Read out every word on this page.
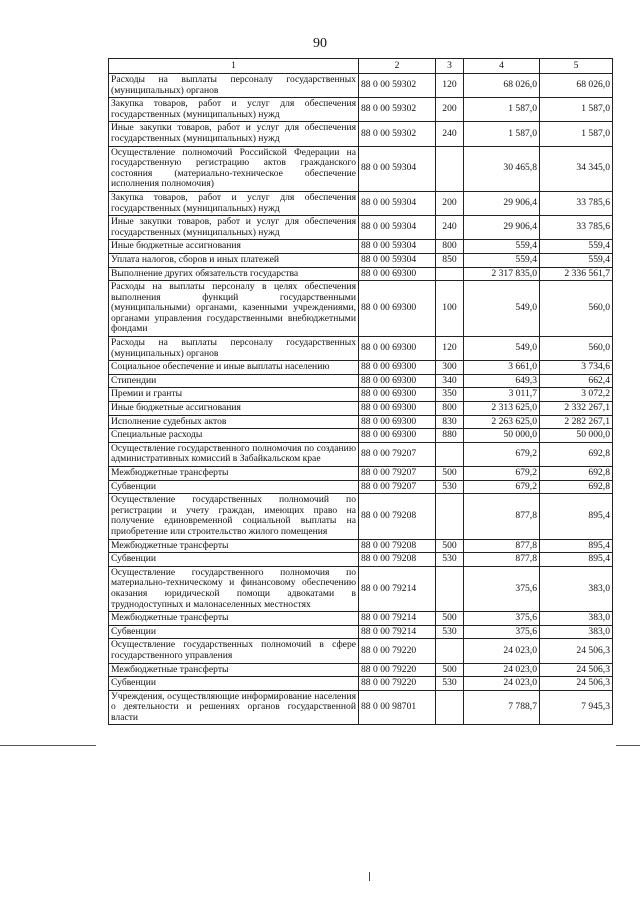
90
1	2	3	4	5
Расходы на выплаты персоналу государственных (муниципальных) органов	88 0 00 59302	120	68 026,0	68 026,0
Закупка товаров, работ и услуг для обеспечения государственных (муниципальных) нужд	88 0 00 59302	200	1 587,0	1 587,0
Иные закупки товаров, работ и услуг для обеспечения государственных (муниципальных) нужд	88 0 00 59302	240	1 587,0	1 587,0
Осуществление полномочий Российской Федерации на государственную регистрацию актов гражданского состояния (материально-техническое обеспечение исполнения полномочия)	88 0 00 59304		30 465,8	34 345,0
Закупка товаров, работ и услуг для обеспечения государственных (муниципальных) нужд	88 0 00 59304	200	29 906,4	33 785,6
Иные закупки товаров, работ и услуг для обеспечения государственных (муниципальных) нужд	88 0 00 59304	240	29 906,4	33 785,6
Иные бюджетные ассигнования	88 0 00 59304	800	559,4	559,4
Уплата налогов, сборов и иных платежей	88 0 00 59304	850	559,4	559,4
Выполнение других обязательств государства	88 0 00 69300		2 317 835,0	2 336 561,7
Расходы на выплаты персоналу в целях обеспечения выполнения функций государственными (муниципальными) органами, казенными учреждениями, органами управления государственными внебюджетными фондами	88 0 00 69300	100	549,0	560,0
Расходы на выплаты персоналу государственных (муниципальных) органов	88 0 00 69300	120	549,0	560,0
Социальное обеспечение и иные выплаты населению	88 0 00 69300	300	3 661,0	3 734,6
Стипендии	88 0 00 69300	340	649,3	662,4
Премии и гранты	88 0 00 69300	350	3 011,7	3 072,2
Иные бюджетные ассигнования	88 0 00 69300	800	2 313 625,0	2 332 267,1
Исполнение судебных актов	88 0 00 69300	830	2 263 625,0	2 282 267,1
Специальные расходы	88 0 00 69300	880	50 000,0	50 000,0
Осуществление государственного полномочия по созданию административных комиссий в Забайкальском крае	88 0 00 79207		679,2	692,8
Межбюджетные трансферты	88 0 00 79207	500	679,2	692,8
Субвенции	88 0 00 79207	530	679,2	692,8
Осуществление государственных полномочий по регистрации и учету граждан, имеющих право на получение единовременной социальной выплаты на приобретение или строительство жилого помещения	88 0 00 79208		877,8	895,4
Межбюджетные трансферты	88 0 00 79208	500	877,8	895,4
Субвенции	88 0 00 79208	530	877,8	895,4
Осуществление государственного полномочия по материально-техническому и финансовому обеспечению оказания юридической помощи адвокатами в труднодоступных и малонаселенных местностях	88 0 00 79214		375,6	383,0
Межбюджетные трансферты	88 0 00 79214	500	375,6	383,0
Субвенции	88 0 00 79214	530	375,6	383,0
Осуществление государственных полномочий в сфере государственного управления	88 0 00 79220		24 023,0	24 506,3
Межбюджетные трансферты	88 0 00 79220	500	24 023,0	24 506,3
Субвенции	88 0 00 79220	530	24 023,0	24 506,3
Учреждения, осуществляющие информирование населения о деятельности и решениях органов государственной власти	88 0 00 98701		7 788,7	7 945,3
